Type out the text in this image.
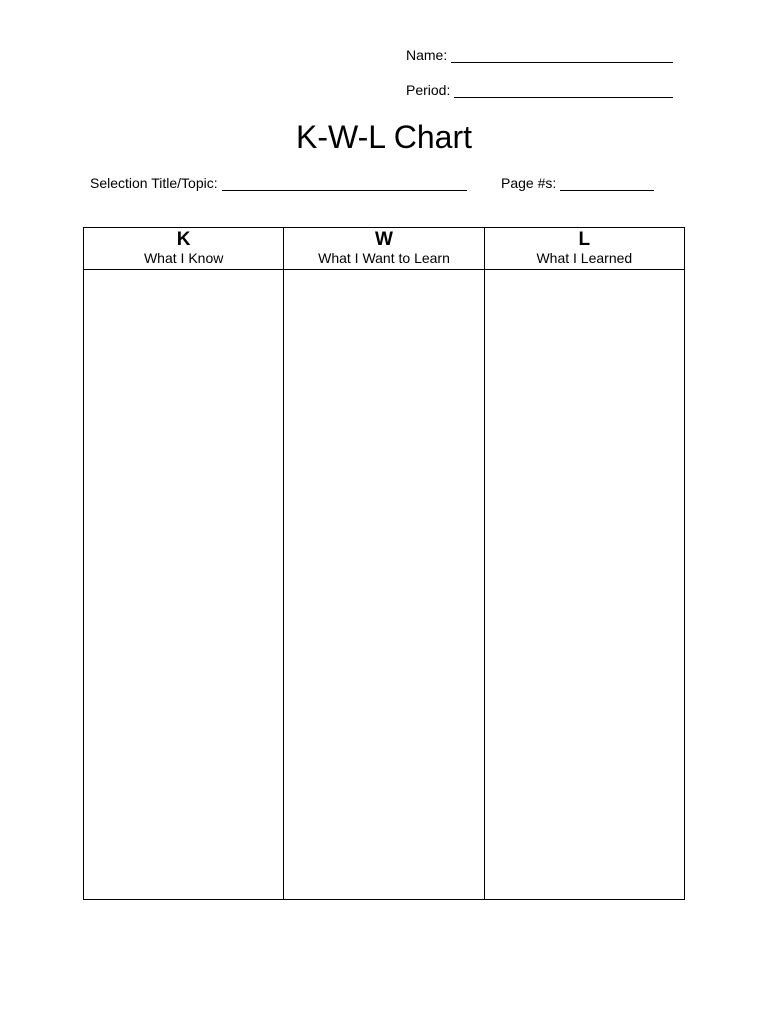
Name:
Period:
K-W-L Chart
Selection Title/Topic:	Page #s:
K
What I Know
W
What I Want to Learn
L
What I Learned
